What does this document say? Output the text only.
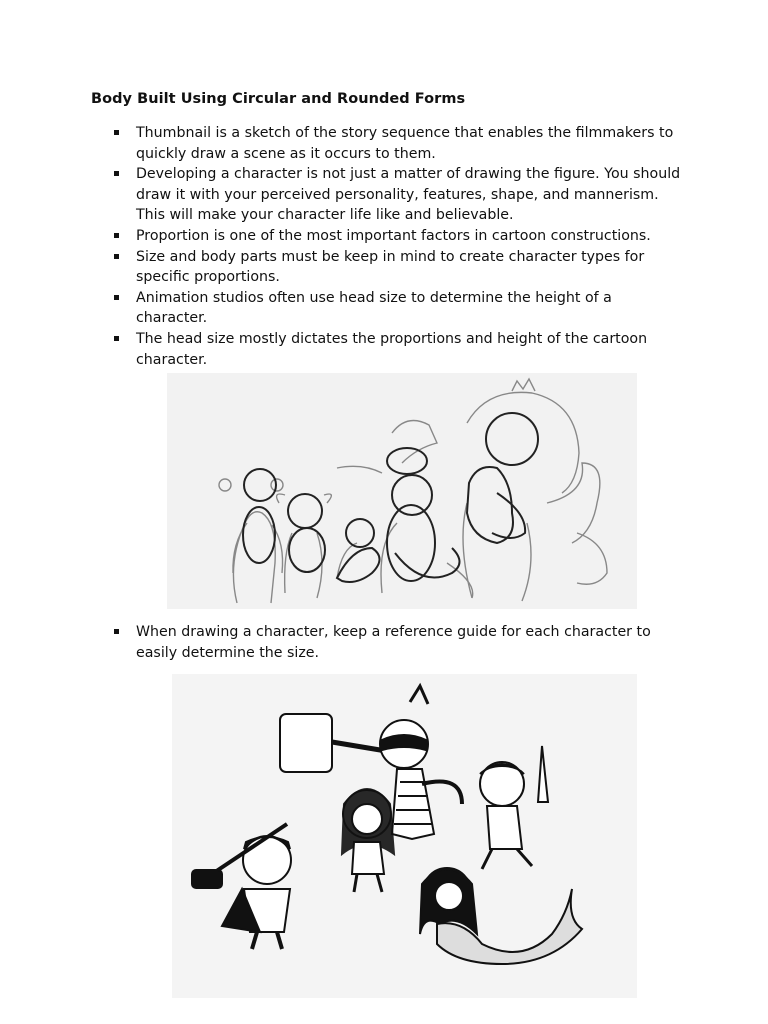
Body Built Using Circular and Rounded Forms
Thumbnail is a sketch of the story sequence that enables the filmmakers to quickly draw a scene as it occurs to them.
Developing a character is not just a matter of drawing the figure. You should draw it with your perceived personality, features, shape, and mannerism. This will make your character life like and believable.
Proportion is one of the most important factors in cartoon constructions.
Size and body parts must be keep in mind to create character types for specific proportions.
Animation studios often use head size to determine the height of a character.
The head size mostly dictates the proportions and height of the cartoon character.
When drawing a character, keep a reference guide for each character to easily determine the size.
